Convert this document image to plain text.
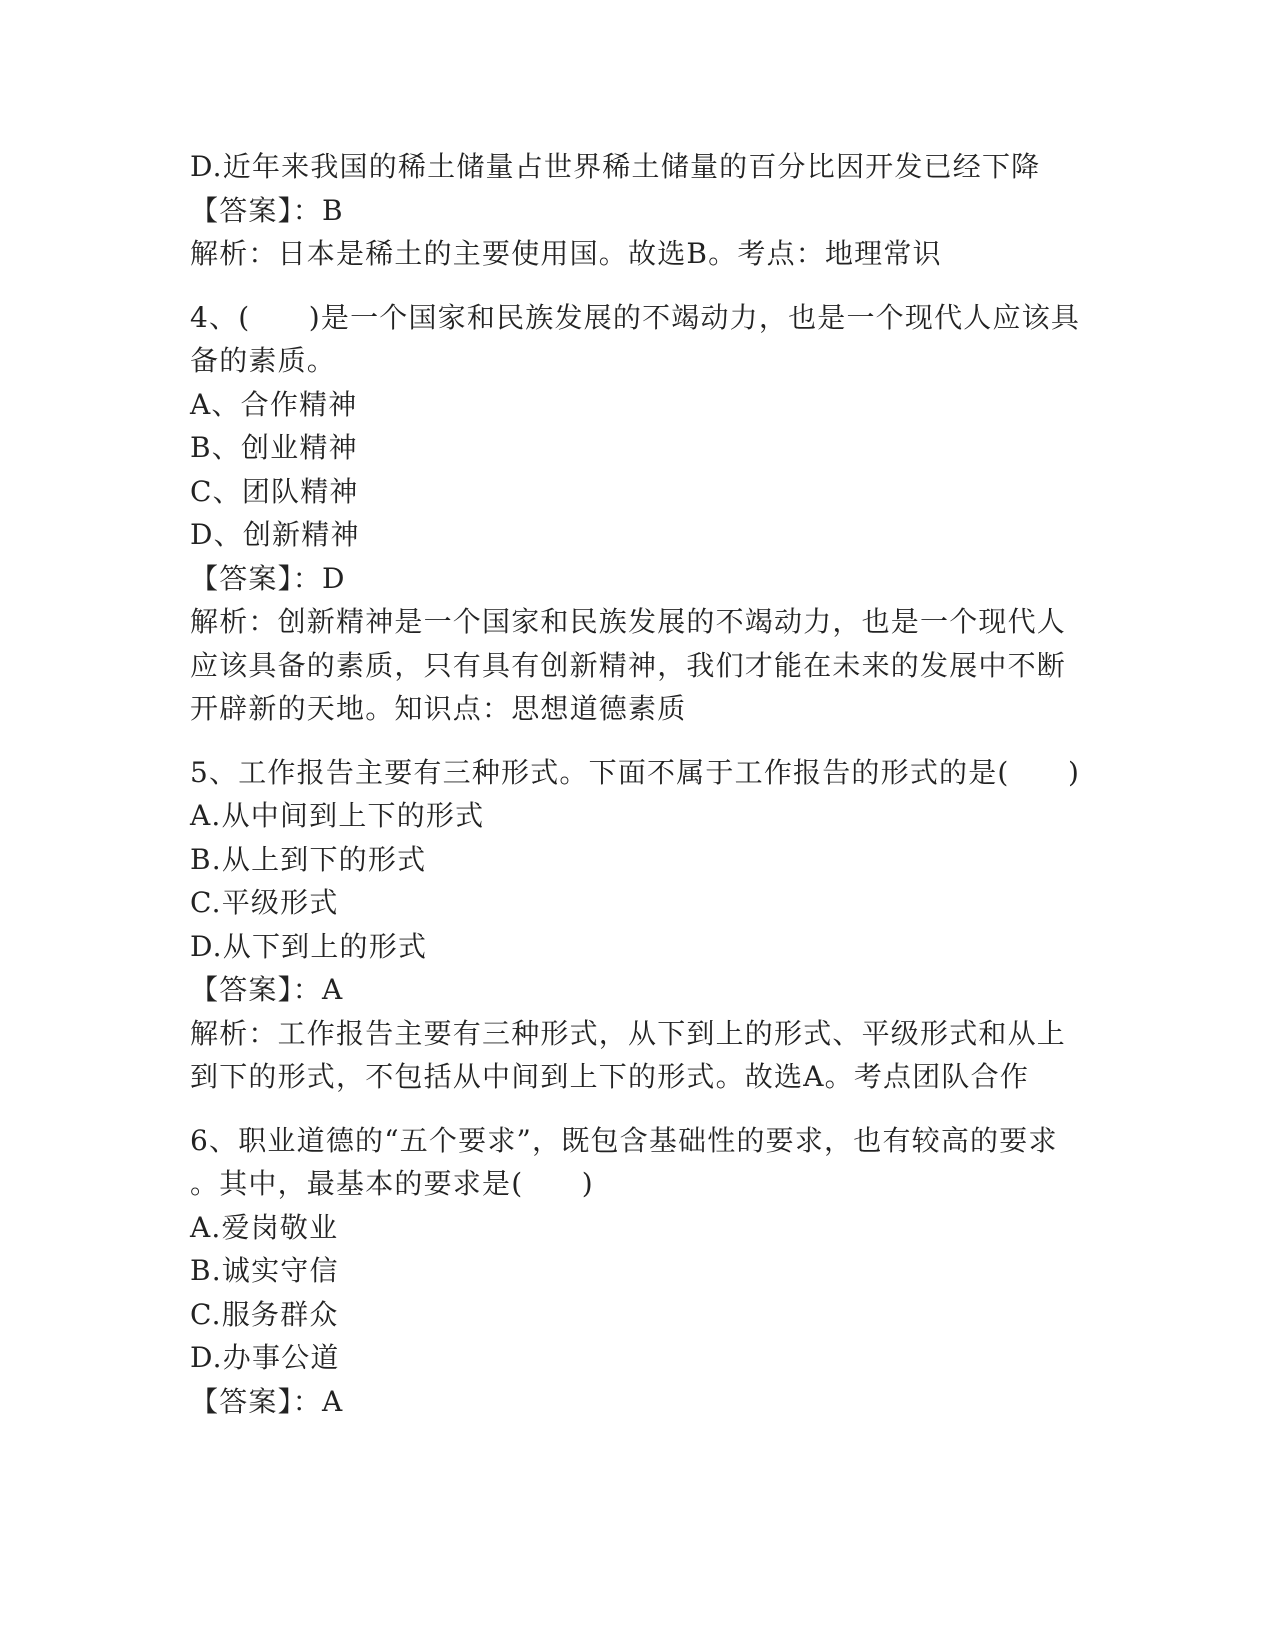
D.近年来我国的稀土储量占世界稀土储量的百分比因开发已经下降
【答案】：B
解析：日本是稀土的主要使用国。故选B。考点：地理常识
4、(　　)是一个国家和民族发展的不竭动力，也是一个现代人应该具
备的素质。
A、合作精神
B、创业精神
C、团队精神
D、创新精神
【答案】：D
解析：创新精神是一个国家和民族发展的不竭动力，也是一个现代人
应该具备的素质，只有具有创新精神，我们才能在未来的发展中不断
开辟新的天地。知识点：思想道德素质
5、工作报告主要有三种形式。下面不属于工作报告的形式的是(　　)
A.从中间到上下的形式
B.从上到下的形式
C.平级形式
D.从下到上的形式
【答案】：A
解析：工作报告主要有三种形式，从下到上的形式、平级形式和从上
到下的形式，不包括从中间到上下的形式。故选A。考点团队合作
6、职业道德的“五个要求”，既包含基础性的要求，也有较高的要求
。其中，最基本的要求是(　　)
A.爱岗敬业
B.诚实守信
C.服务群众
D.办事公道
【答案】：A
